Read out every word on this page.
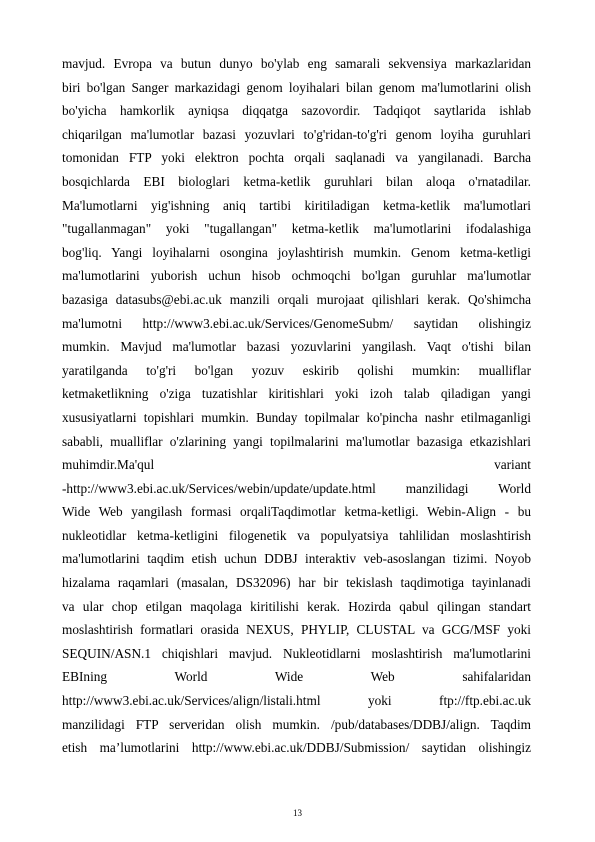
mavjud. Evropa va butun dunyo bo'ylab eng samarali sekvensiya markazlaridan
biri bo'lgan Sanger markazidagi genom loyihalari bilan genom ma'lumotlarini olish
bo'yicha hamkorlik ayniqsa diqqatga sazovordir. Tadqiqot saytlarida ishlab
chiqarilgan ma'lumotlar bazasi yozuvlari to'g'ridan-to'g'ri genom loyiha guruhlari
tomonidan FTP yoki elektron pochta orqali saqlanadi va yangilanadi. Barcha
bosqichlarda EBI biologlari ketma-ketlik guruhlari bilan aloqa o'rnatadilar.
Ma'lumotlarni yig'ishning aniq tartibi kiritiladigan ketma-ketlik ma'lumotlari
"tugallanmagan" yoki "tugallangan" ketma-ketlik ma'lumotlarini ifodalashiga
bog'liq. Yangi loyihalarni osongina joylashtirish mumkin. Genom ketma-ketligi
ma'lumotlarini yuborish uchun hisob ochmoqchi bo'lgan guruhlar ma'lumotlar
bazasiga datasubs@ebi.ac.uk manzili orqali murojaat qilishlari kerak. Qo'shimcha
ma'lumotni http://www3.ebi.ac.uk/Services/GenomeSubm/ saytidan olishingiz
mumkin. Mavjud ma'lumotlar bazasi yozuvlarini yangilash. Vaqt o'tishi bilan
yaratilganda to'g'ri bo'lgan yozuv eskirib qolishi mumkin: mualliflar
ketmaketlikning o'ziga tuzatishlar kiritishlari yoki izoh talab qiladigan yangi
xususiyatlarni topishlari mumkin. Bunday topilmalar ko'pincha nashr etilmaganligi
sababli, mualliflar o'zlarining yangi topilmalarini ma'lumotlar bazasiga etkazishlari
muhimdir.Ma'qul variant
-http://www3.ebi.ac.uk/Services/webin/update/update.html manzilidagi World
Wide Web yangilash formasi orqaliTaqdimotlar ketma-ketligi. Webin-Align - bu
nukleotidlar ketma-ketligini filogenetik va populyatsiya tahlilidan moslashtirish
ma'lumotlarini taqdim etish uchun DDBJ interaktiv veb-asoslangan tizimi. Noyob
hizalama raqamlari (masalan, DS32096) har bir tekislash taqdimotiga tayinlanadi
va ular chop etilgan maqolaga kiritilishi kerak. Hozirda qabul qilingan standart
moslashtirish formatlari orasida NEXUS, PHYLIP, CLUSTAL va GCG/MSF yoki
SEQUIN/ASN.1 chiqishlari mavjud. Nukleotidlarni moslashtirish ma'lumotlarini
EBIning World Wide Web sahifalaridan
http://www3.ebi.ac.uk/Services/align/listali.html yoki ftp://ftp.ebi.ac.uk
manzilidagi FTP serveridan olish mumkin. /pub/databases/DDBJ/align. Taqdim
etish ma’lumotlarini http://www.ebi.ac.uk/DDBJ/Submission/ saytidan olishingiz
13
